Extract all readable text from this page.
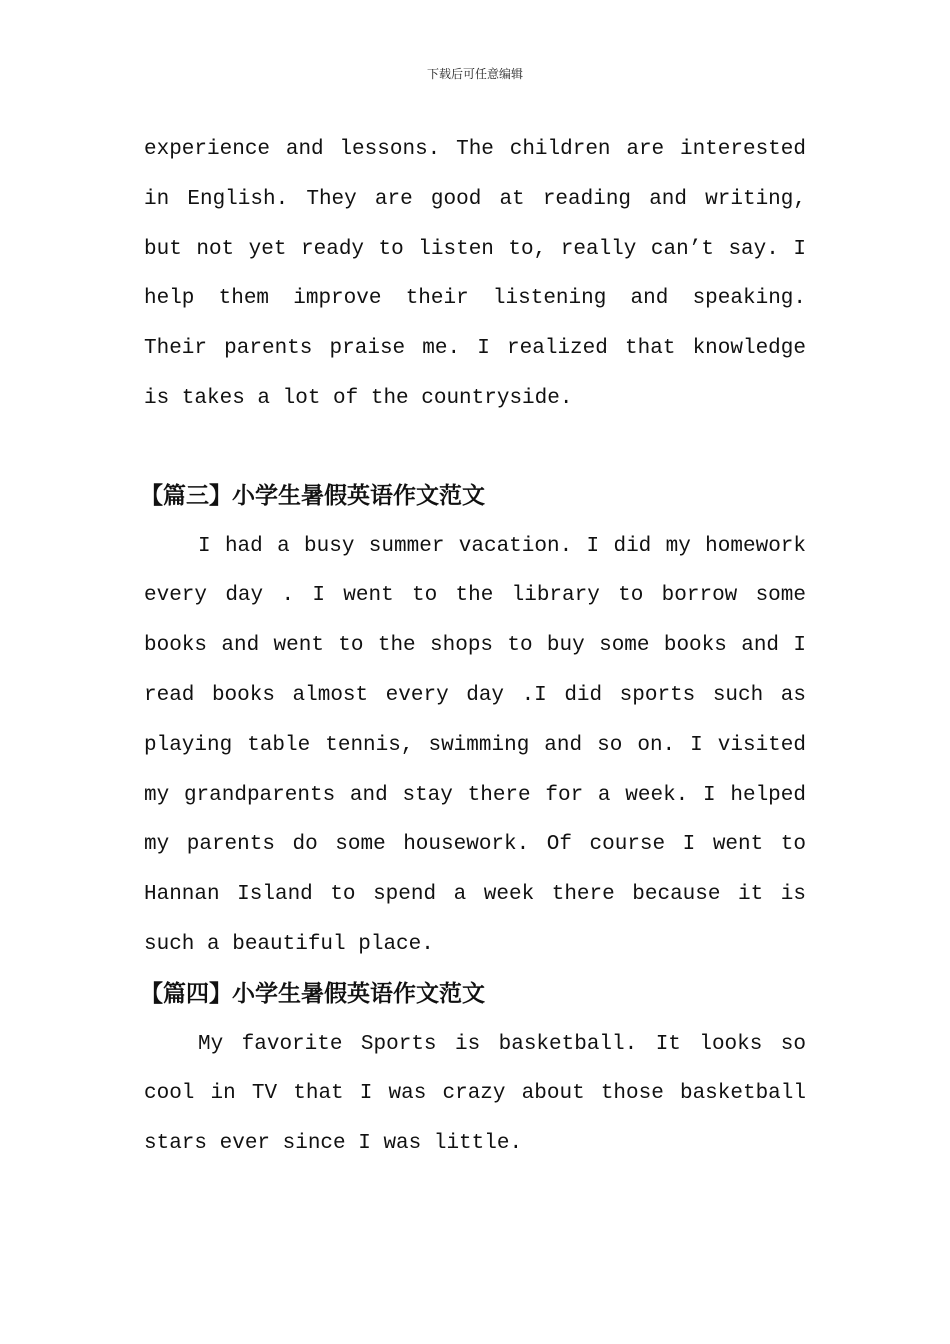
下载后可任意编辑

experience and lessons. The children are interested in English. They are good at reading and writing, but not yet ready to listen to, really can’t say. I help them improve their listening and speaking. Their parents praise me. I realized that knowledge is takes a lot of the countryside.

【篇三】小学生暑假英语作文范文

I had a busy summer vacation. I did my homework every day . I went to the library to borrow some books and went to the shops to buy some books and I read books almost every day .I did sports such as playing table tennis, swimming and so on. I visited my grandparents and stay there for a week. I helped my parents do some housework. Of course I went to Hannan Island to spend a week there because it is such a beautiful place.

【篇四】小学生暑假英语作文范文

My favorite Sports is basketball. It looks so cool in TV that I was crazy about those basketball stars ever since I was little.
